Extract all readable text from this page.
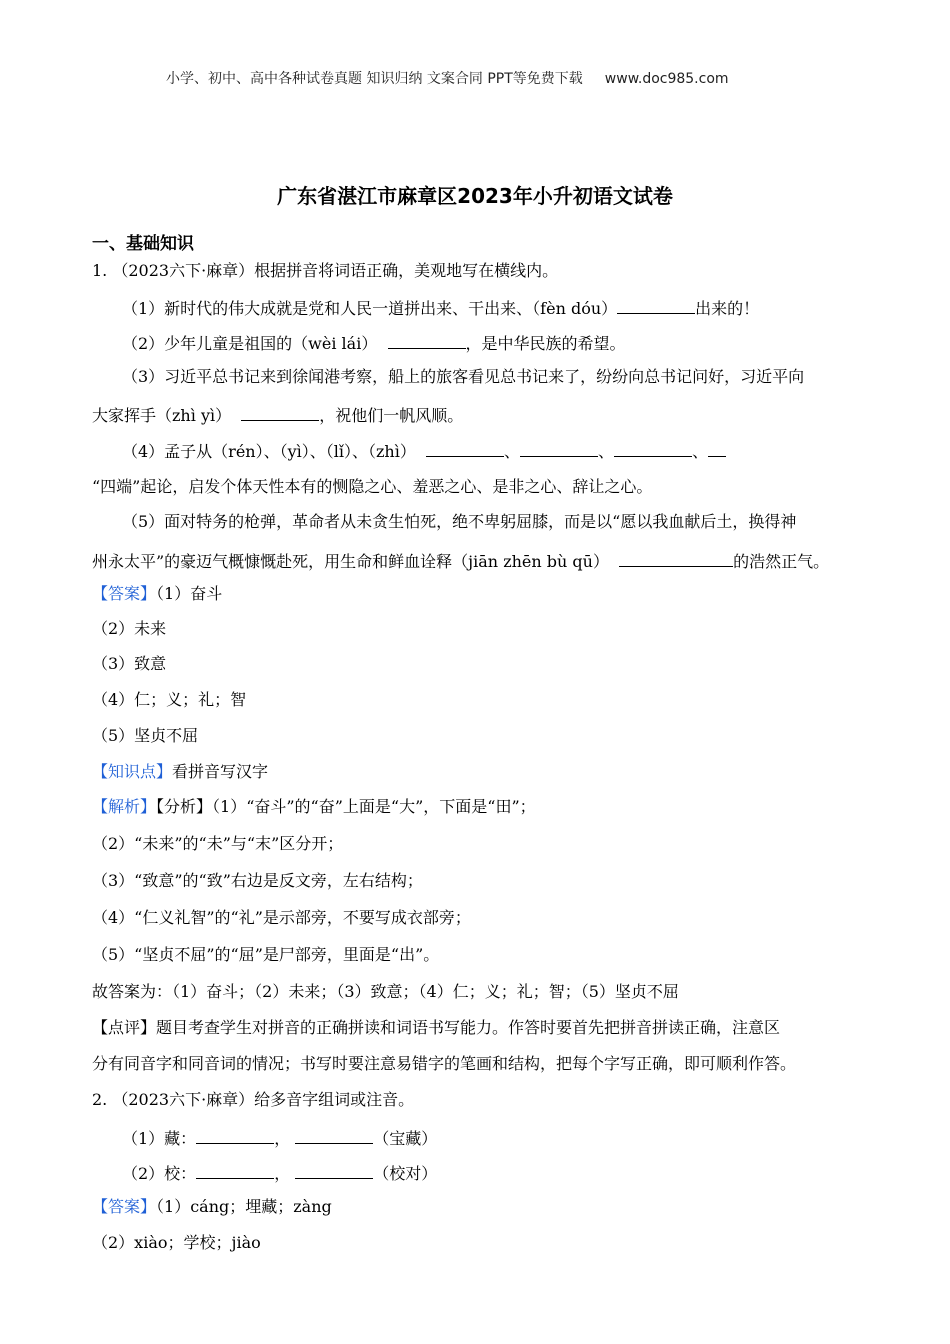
小学、初中、高中各种试卷真题 知识归纳 文案合同 PPT等免费下载 www.doc985.com
广东省湛江市麻章区2023年小升初语文试卷
一、基础知识
1. （2023六下·麻章）根据拼音将词语正确，美观地写在横线内。
（1）新时代的伟大成就是党和人民一道拼出来、干出来、（fèn dóu）	出来的！
（2）少年儿童是祖国的（wèi lái）	，是中华民族的希望。
（3）习近平总书记来到徐闻港考察，船上的旅客看见总书记来了，纷纷向总书记问好，习近平向
大家挥手（zhì yì）	，祝他们一帆风顺。
（4）孟子从（rén）、（yì）、（lǐ）、（zhì）	、	、	、
“四端”起论，启发个体天性本有的恻隐之心、羞恶之心、是非之心、辞让之心。
（5）面对特务的枪弹，革命者从未贪生怕死，绝不卑躬屈膝，而是以“愿以我血献后土，换得神
州永太平”的豪迈气概慷慨赴死，用生命和鲜血诠释（jiān zhēn bù qū）	的浩然正气。
【答案】（1）奋斗
（2）未来
（3）致意
（4）仁；义；礼；智
（5）坚贞不屈
【知识点】看拼音写汉字
【解析】【分析】（1）“奋斗”的“奋”上面是“大”，下面是“田”；
（2）“未来”的“未”与“末”区分开；
（3）“致意”的“致”右边是反文旁，左右结构；
（4）“仁义礼智”的“礼”是示部旁，不要写成衣部旁；
（5）“坚贞不屈”的“屈”是尸部旁，里面是“出”。
故答案为：（1）奋斗；（2）未来；（3）致意；（4）仁；义；礼；智；（5）坚贞不屈
【点评】题目考查学生对拼音的正确拼读和词语书写能力。作答时要首先把拼音拼读正确，注意区
分有同音字和同音词的情况；书写时要注意易错字的笔画和结构，把每个字写正确，即可顺利作答。
2. （2023六下·麻章）给多音字组词或注音。
（1）藏：	，	（宝藏）
（2）校：	，	（校对）
【答案】（1）cáng；埋藏；zàng
（2）xiào；学校；jiào
